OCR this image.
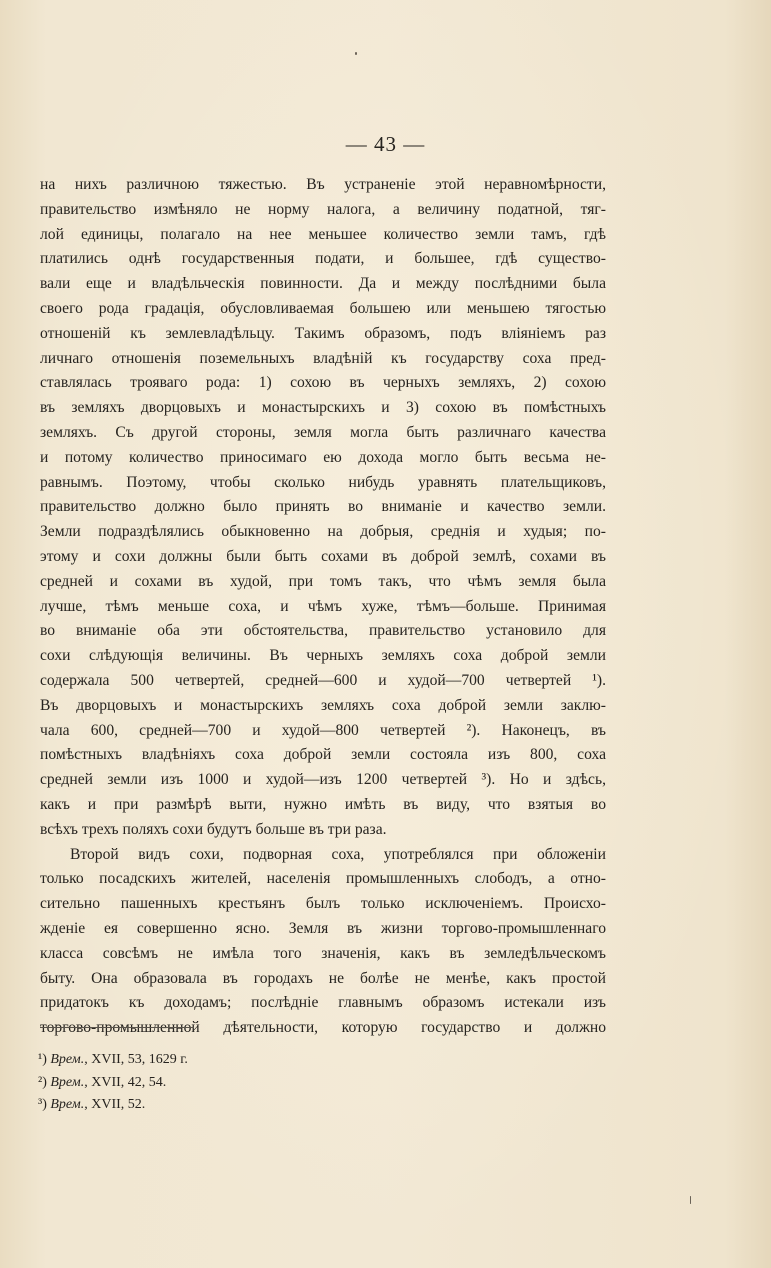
— 43 —
на нихъ различною тяжестью. Въ устраненіе этой неравномѣрности,
правительство измѣняло не норму налога, а величину податной, тяг-
лой единицы, полагало на нее меньшее количество земли тамъ, гдѣ
платились однѣ государственныя подати, и большее, гдѣ существо-
вали еще и владѣльческія повинности. Да и между послѣдними была
своего рода градація, обусловливаемая большею или меньшею тягостью
отношеній къ землевладѣльцу. Такимъ образомъ, подъ вліяніемъ раз
личнаго отношенія поземельныхъ владѣній къ государству соха пред-
ставлялась трояваго рода: 1) сохою въ черныхъ земляхъ, 2) сохою
въ земляхъ дворцовыхъ и монастырскихъ и 3) сохою въ помѣстныхъ
земляхъ. Съ другой стороны, земля могла быть различнаго качества
и потому количество приносимаго ею дохода могло быть весьма не-
равнымъ. Поэтому, чтобы сколько нибудь уравнять плательщиковъ,
правительство должно было принять во вниманіе и качество земли.
Земли подраздѣлялись обыкновенно на добрыя, среднія и худыя; по-
этому и сохи должны были быть сохами въ доброй землѣ, сохами въ
средней и сохами въ худой, при томъ такъ, что чѣмъ земля была
лучше, тѣмъ меньше соха, и чѣмъ хуже, тѣмъ—больше. Принимая
во вниманіе оба эти обстоятельства, правительство установило для
сохи слѣдующія величины. Въ черныхъ земляхъ соха доброй земли
содержала 500 четвертей, средней—600 и худой—700 четвертей ¹).
Въ дворцовыхъ и монастырскихъ земляхъ соха доброй земли заклю-
чала 600, средней—700 и худой—800 четвертей ²). Наконецъ, въ
помѣстныхъ владѣніяхъ соха доброй земли состояла изъ 800, соха
средней земли изъ 1000 и худой—изъ 1200 четвертей ³). Но и здѣсь,
какъ и при размѣрѣ выти, нужно имѣть въ виду, что взятыя во
всѣхъ трехъ поляхъ сохи будутъ больше въ три раза.
Второй видъ сохи, подворная соха, употреблялся при обложеніи
только посадскихъ жителей, населенія промышленныхъ слободъ, а отно-
сительно пашенныхъ крестьянъ былъ только исключеніемъ. Происхо-
жденіе ея совершенно ясно. Земля въ жизни торгово-промышленнаго
класса совсѣмъ не имѣла того значенія, какъ въ земледѣльческомъ
быту. Она образовала въ городахъ не болѣе не менѣе, какъ простой
придатокъ къ доходамъ; послѣдніе главнымъ образомъ истекали изъ
торгово-промышленной дѣятельности, которую государство и должно
¹) Врем., XVII, 53, 1629 г.
²) Врем., XVII, 42, 54.
³) Врем., XVII, 52.
